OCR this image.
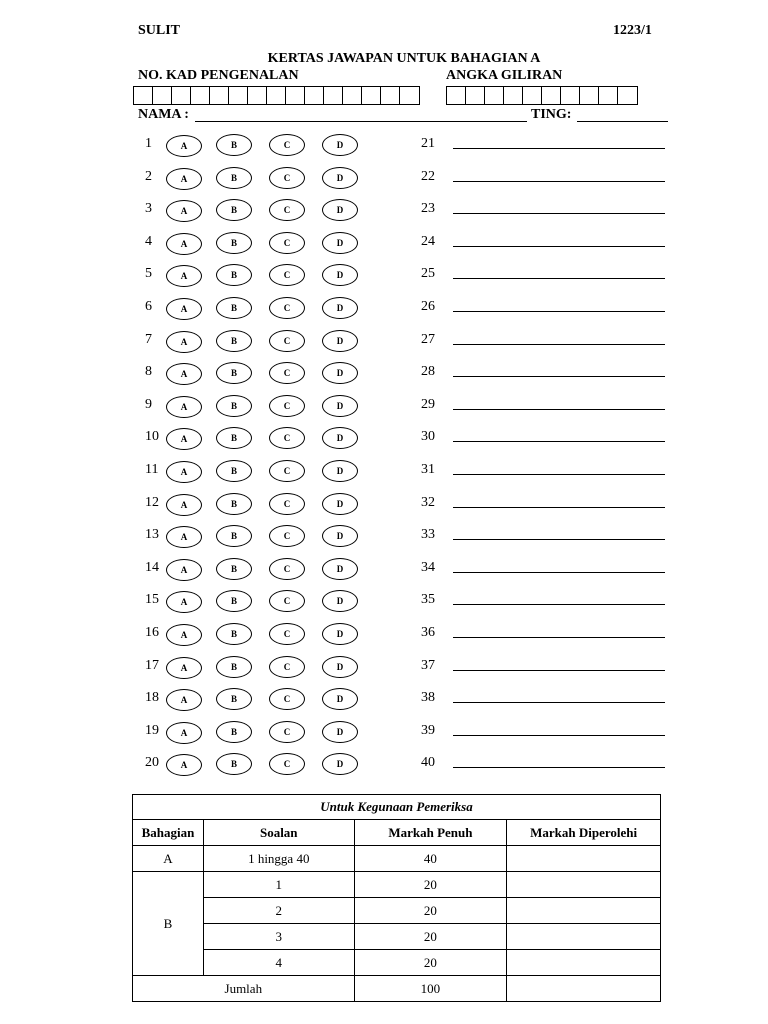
SULIT	1223/1
KERTAS JAWAPAN UNTUK BAHAGIAN A
NO. KAD PENGENALAN	ANGKA GILIRAN
NAMA :	TING:
1	A	B	C	D
2	A	B	C	D
3	A	B	C	D
4	A	B	C	D
5	A	B	C	D
6	A	B	C	D
7	A	B	C	D
8	A	B	C	D
9	A	B	C	D
10	A	B	C	D
11	A	B	C	D
12	A	B	C	D
13	A	B	C	D
14	A	B	C	D
15	A	B	C	D
16	A	B	C	D
17	A	B	C	D
18	A	B	C	D
19	A	B	C	D
20	A	B	C	D
21
22
23
24
25
26
27
28
29
30
31
32
33
34
35
36
37
38
39
40
Untuk Kegunaan Pemeriksa			
Bahagian	Soalan	Markah Penuh	Markah Diperolehi
A	1 hingga 40	40	
B	1	20	
	2	20	
	3	20	
	4	20	
Jumlah		100	
